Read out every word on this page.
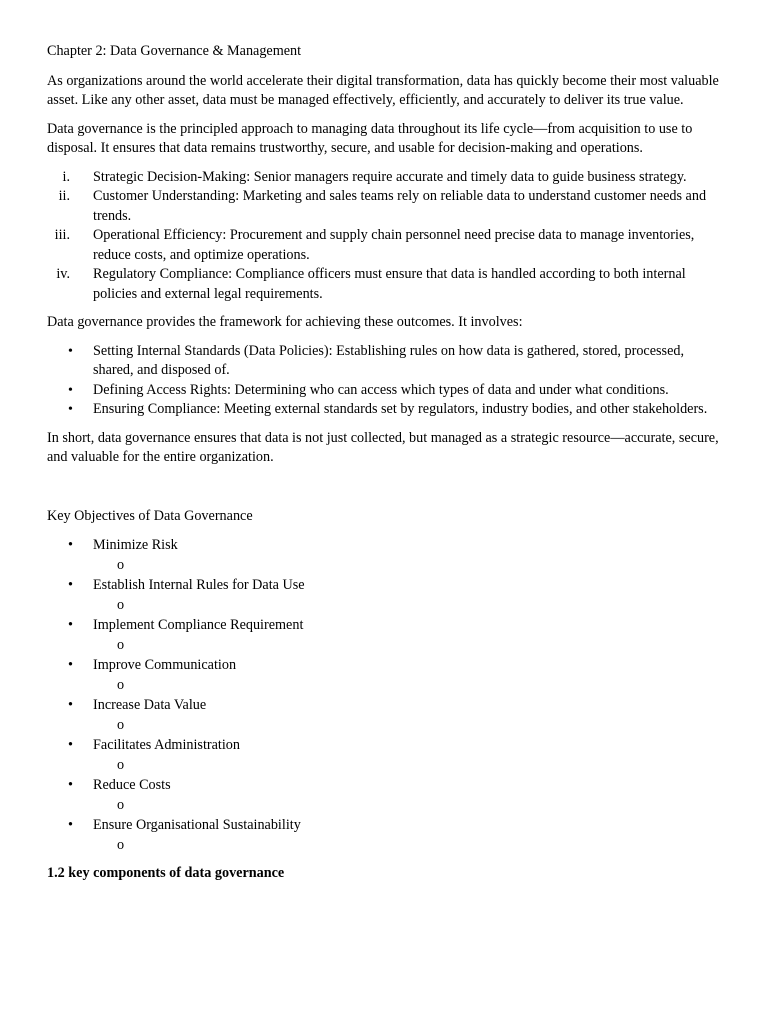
Chapter 2: Data Governance & Management

As organizations around the world accelerate their digital transformation, data has quickly become their most valuable asset. Like any other asset, data must be managed effectively, efficiently, and accurately to deliver its true value.

Data governance is the principled approach to managing data throughout its life cycle—from acquisition to use to disposal. It ensures that data remains trustworthy, secure, and usable for decision-making and operations.

i. Strategic Decision-Making: Senior managers require accurate and timely data to guide business strategy.
ii. Customer Understanding: Marketing and sales teams rely on reliable data to understand customer needs and trends.
iii. Operational Efficiency: Procurement and supply chain personnel need precise data to manage inventories, reduce costs, and optimize operations.
iv. Regulatory Compliance: Compliance officers must ensure that data is handled according to both internal policies and external legal requirements.

Data governance provides the framework for achieving these outcomes. It involves:

• Setting Internal Standards (Data Policies): Establishing rules on how data is gathered, stored, processed, shared, and disposed of.
• Defining Access Rights: Determining who can access which types of data and under what conditions.
• Ensuring Compliance: Meeting external standards set by regulators, industry bodies, and other stakeholders.

In short, data governance ensures that data is not just collected, but managed as a strategic resource—accurate, secure, and valuable for the entire organization.

Key Objectives of Data Governance

• Minimize Risk
o
• Establish Internal Rules for Data Use
o
• Implement Compliance Requirement
o
• Improve Communication
o
• Increase Data Value
o
• Facilitates Administration
o
• Reduce Costs
o
• Ensure Organisational Sustainability
o

1.2 key components of data governance
